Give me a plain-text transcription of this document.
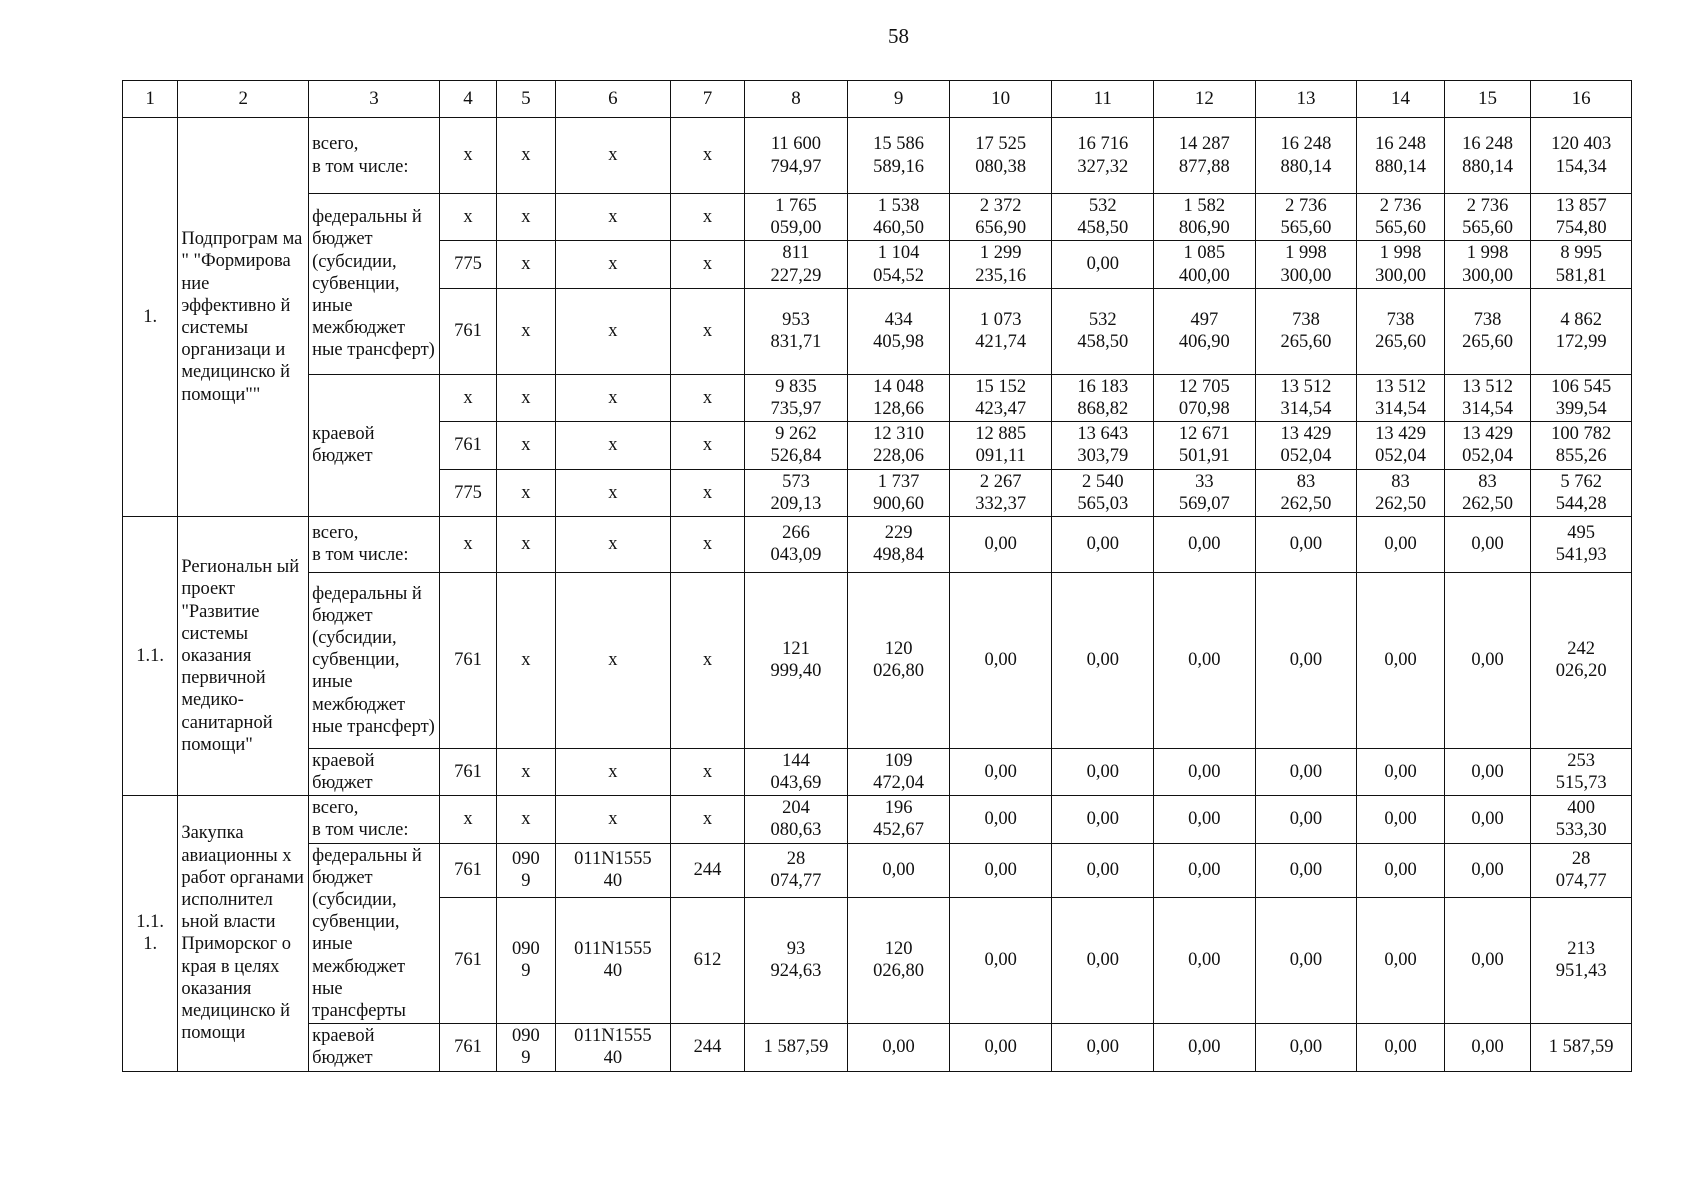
58
1	2	3	4	5	6	7	8	9	10	11	12	13	14	15	16

1.	Подпрограм ма " "Формирова ние эффективно й системы организаци и медицинско й помощи""	всего,
в том числе:	х	х	х	х	11 600
794,97	15 586
589,16	17 525
080,38	16 716
327,32	14 287
877,88	16 248
880,14	16 248
880,14	16 248
880,14	120 403
154,34

		федеральны й бюджет (субсидии, субвенции, иные межбюджет ные трансферт)	х	х	х	х	1 765
059,00	1 538
460,50	2 372
656,90	532
458,50	1 582
806,90	2 736
565,60	2 736
565,60	2 736
565,60	13 857
754,80

			775	х	х	х	811
227,29	1 104
054,52	1 299
235,16	0,00	1 085
400,00	1 998
300,00	1 998
300,00	1 998
300,00	8 995
581,81

			761	х	х	х	953
831,71	434
405,98	1 073
421,74	532
458,50	497
406,90	738
265,60	738
265,60	738
265,60	4 862
172,99

		краевой бюджет	х	х	х	х	9 835
735,97	14 048
128,66	15 152
423,47	16 183
868,82	12 705
070,98	13 512
314,54	13 512
314,54	13 512
314,54	106 545
399,54

			761	х	х	х	9 262
526,84	12 310
228,06	12 885
091,11	13 643
303,79	12 671
501,91	13 429
052,04	13 429
052,04	13 429
052,04	100 782
855,26

			775	х	х	х	573
209,13	1 737
900,60	2 267
332,37	2 540
565,03	33
569,07	83
262,50	83
262,50	83
262,50	5 762
544,28

1.1.	Региональн ый проект "Развитие системы оказания первичной медико-санитарной помощи"	всего,
в том числе:	х	х	х	х	266
043,09	229
498,84	0,00	0,00	0,00	0,00	0,00	0,00	495
541,93

		федеральны й бюджет (субсидии, субвенции, иные межбюджет ные трансферт)	761	х	х	х	121
999,40	120
026,80	0,00	0,00	0,00	0,00	0,00	0,00	242
026,20

		краевой бюджет	761	х	х	х	144
043,69	109
472,04	0,00	0,00	0,00	0,00	0,00	0,00	253
515,73

1.1.
1.	Закупка авиационны х работ органами исполнител ьной власти Приморског о края в целях оказания медицинско й помощи	всего,
в том числе:	х	х	х	х	204
080,63	196
452,67	0,00	0,00	0,00	0,00	0,00	0,00	400
533,30

		федеральны й бюджет (субсидии, субвенции, иные межбюджет ные трансферты	761	090
9	011N1555
40	244	28
074,77	0,00	0,00	0,00	0,00	0,00	0,00	0,00	28
074,77

			761	090
9	011N1555
40	612	93
924,63	120
026,80	0,00	0,00	0,00	0,00	0,00	0,00	213
951,43

		краевой бюджет	761	090
9	011N1555
40	244	1 587,59	0,00	0,00	0,00	0,00	0,00	0,00	0,00	1 587,59
